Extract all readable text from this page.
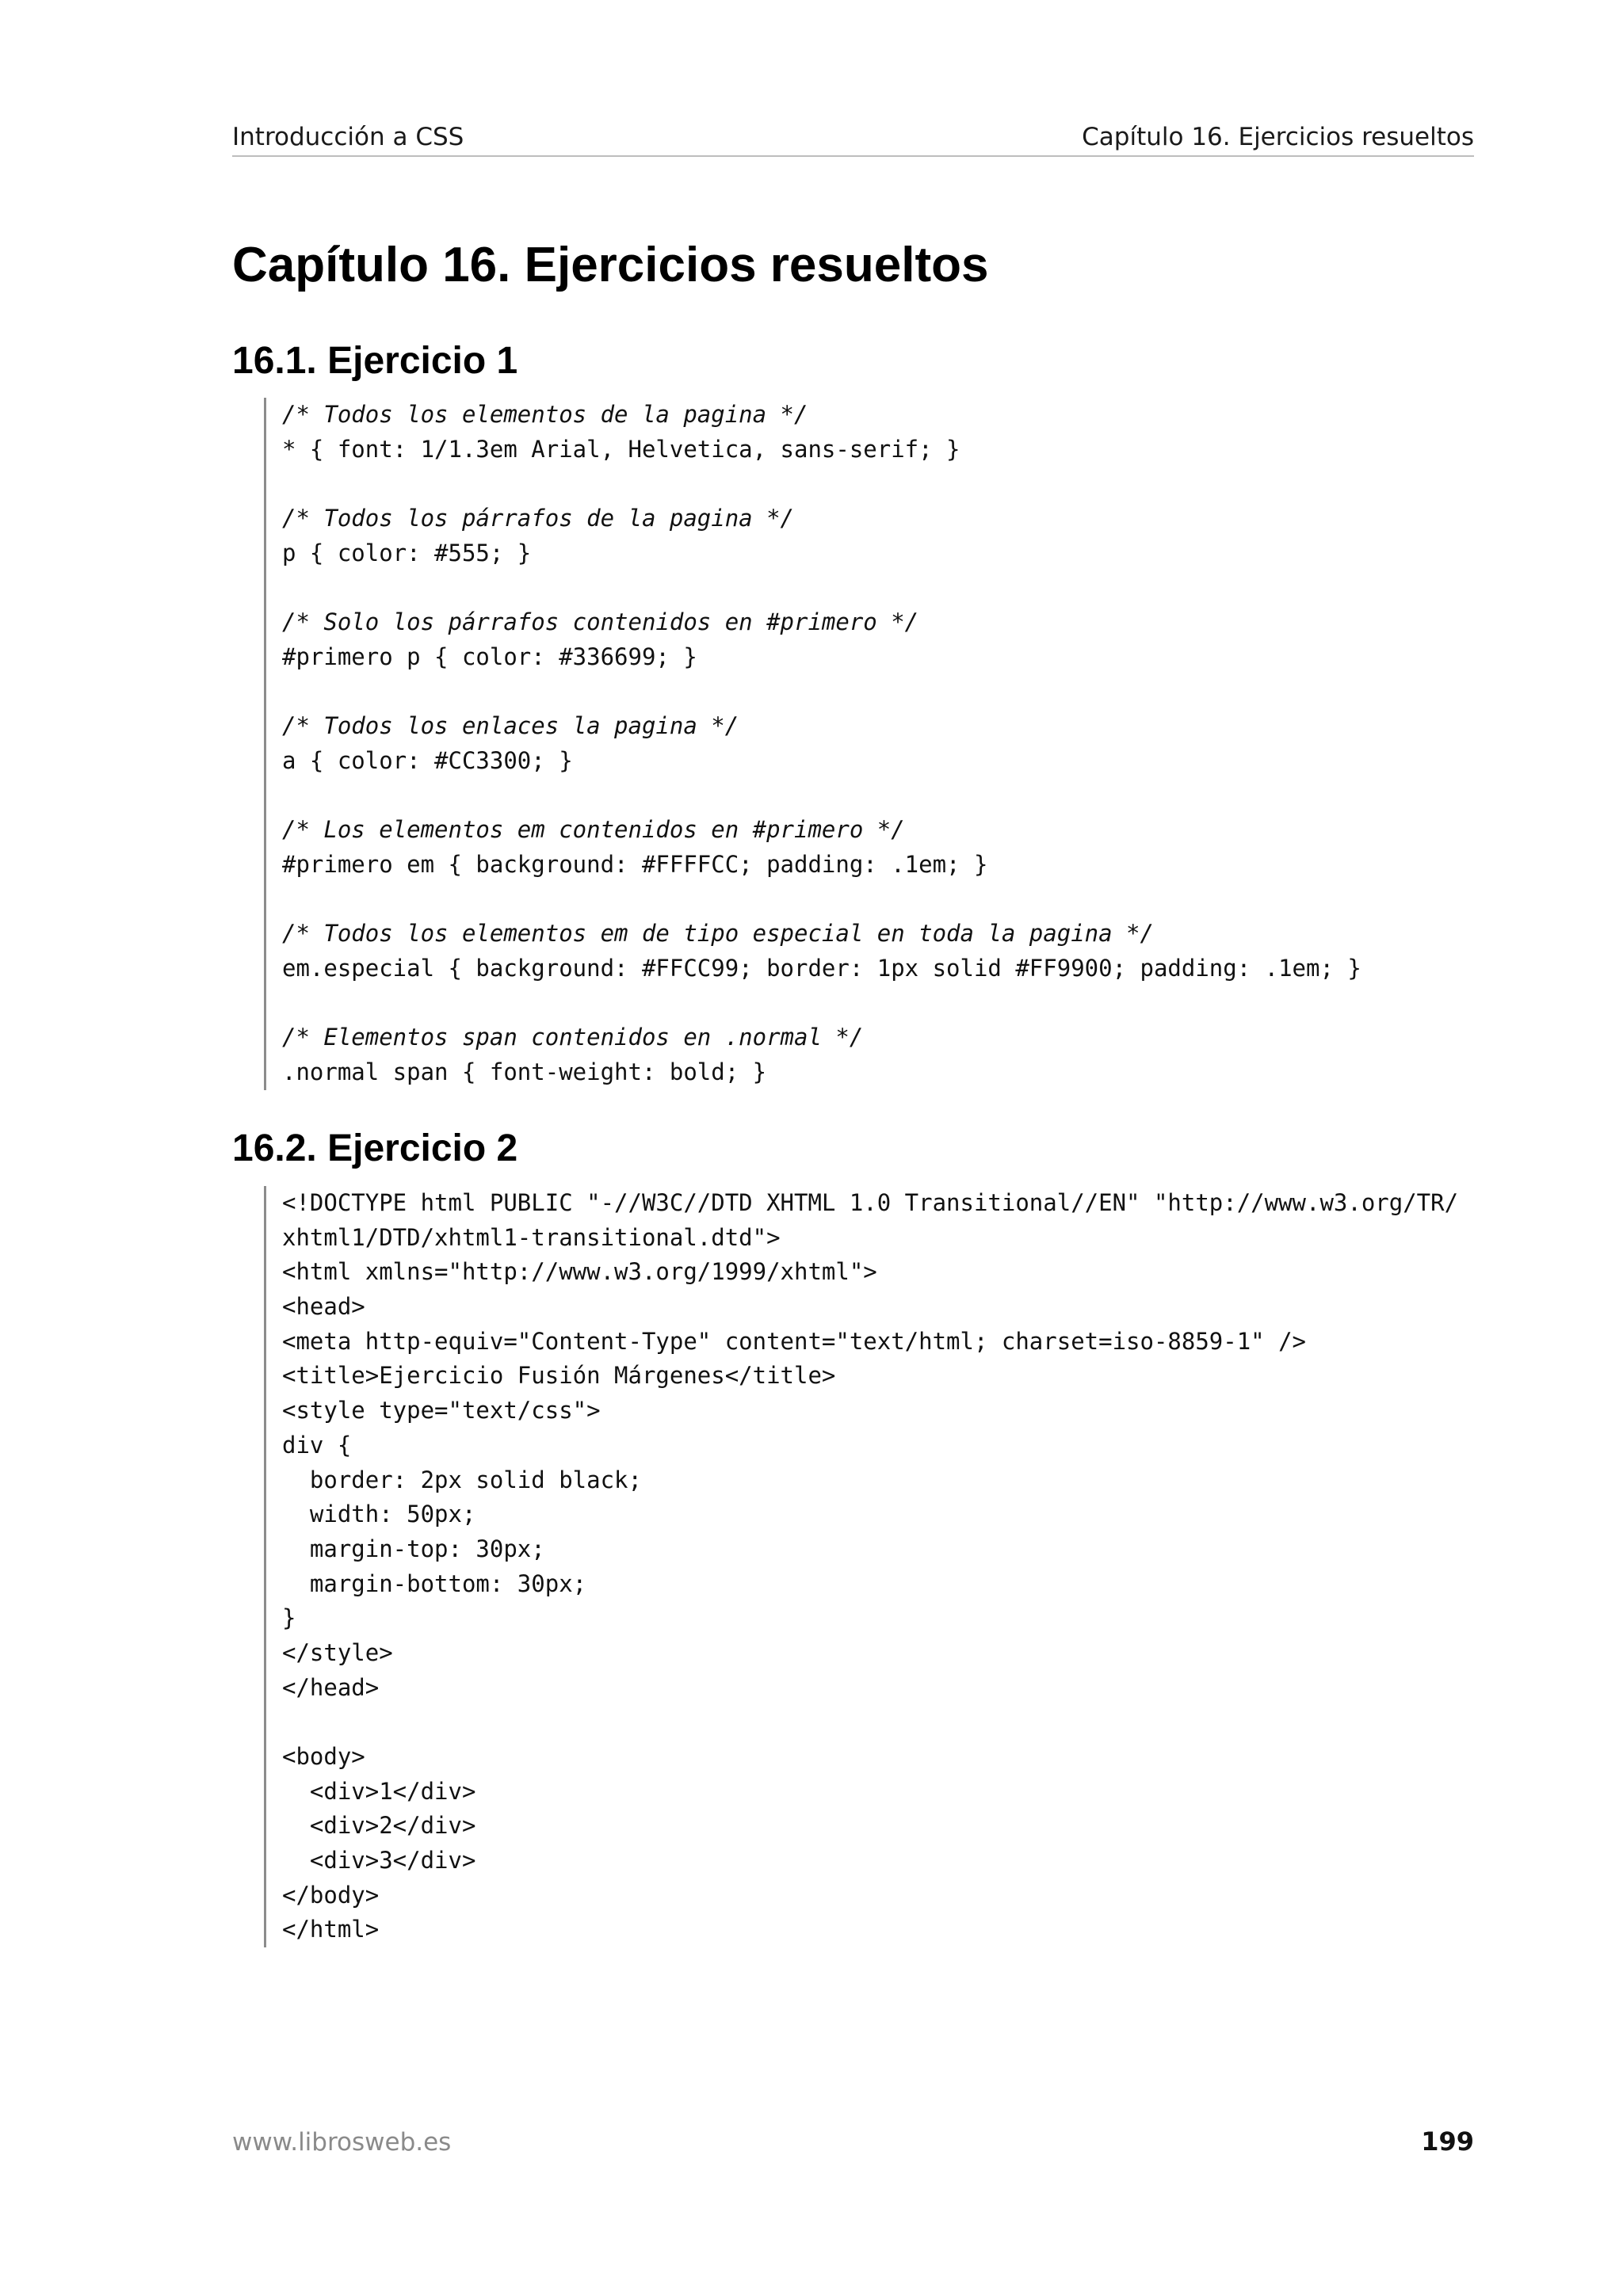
Introducción a CSS	Capítulo 16. Ejercicios resueltos
Capítulo 16. Ejercicios resueltos
16.1. Ejercicio 1
/* Todos los elementos de la pagina */
* { font: 1/1.3em Arial, Helvetica, sans-serif; }
/* Todos los párrafos de la pagina */
p { color: #555; }
/* Solo los párrafos contenidos en #primero */
#primero p { color: #336699; }
/* Todos los enlaces la pagina */
a { color: #CC3300; }
/* Los elementos em contenidos en #primero */
#primero em { background: #FFFFCC; padding: .1em; }
/* Todos los elementos em de tipo especial en toda la pagina */
em.especial { background: #FFCC99; border: 1px solid #FF9900; padding: .1em; }
/* Elementos span contenidos en .normal */
.normal span { font-weight: bold; }
16.2. Ejercicio 2
<!DOCTYPE html PUBLIC "-//W3C//DTD XHTML 1.0 Transitional//EN" "http://www.w3.org/TR/
xhtml1/DTD/xhtml1-transitional.dtd">
<html xmlns="http://www.w3.org/1999/xhtml">
<head>
<meta http-equiv="Content-Type" content="text/html; charset=iso-8859-1" />
<title>Ejercicio Fusión Márgenes</title>
<style type="text/css">
div {
border: 2px solid black;
width: 50px;
margin-top: 30px;
margin-bottom: 30px;
}
</style>
</head>
<body>
<div>1</div>
<div>2</div>
<div>3</div>
</body>
</html>
www.librosweb.es	199
